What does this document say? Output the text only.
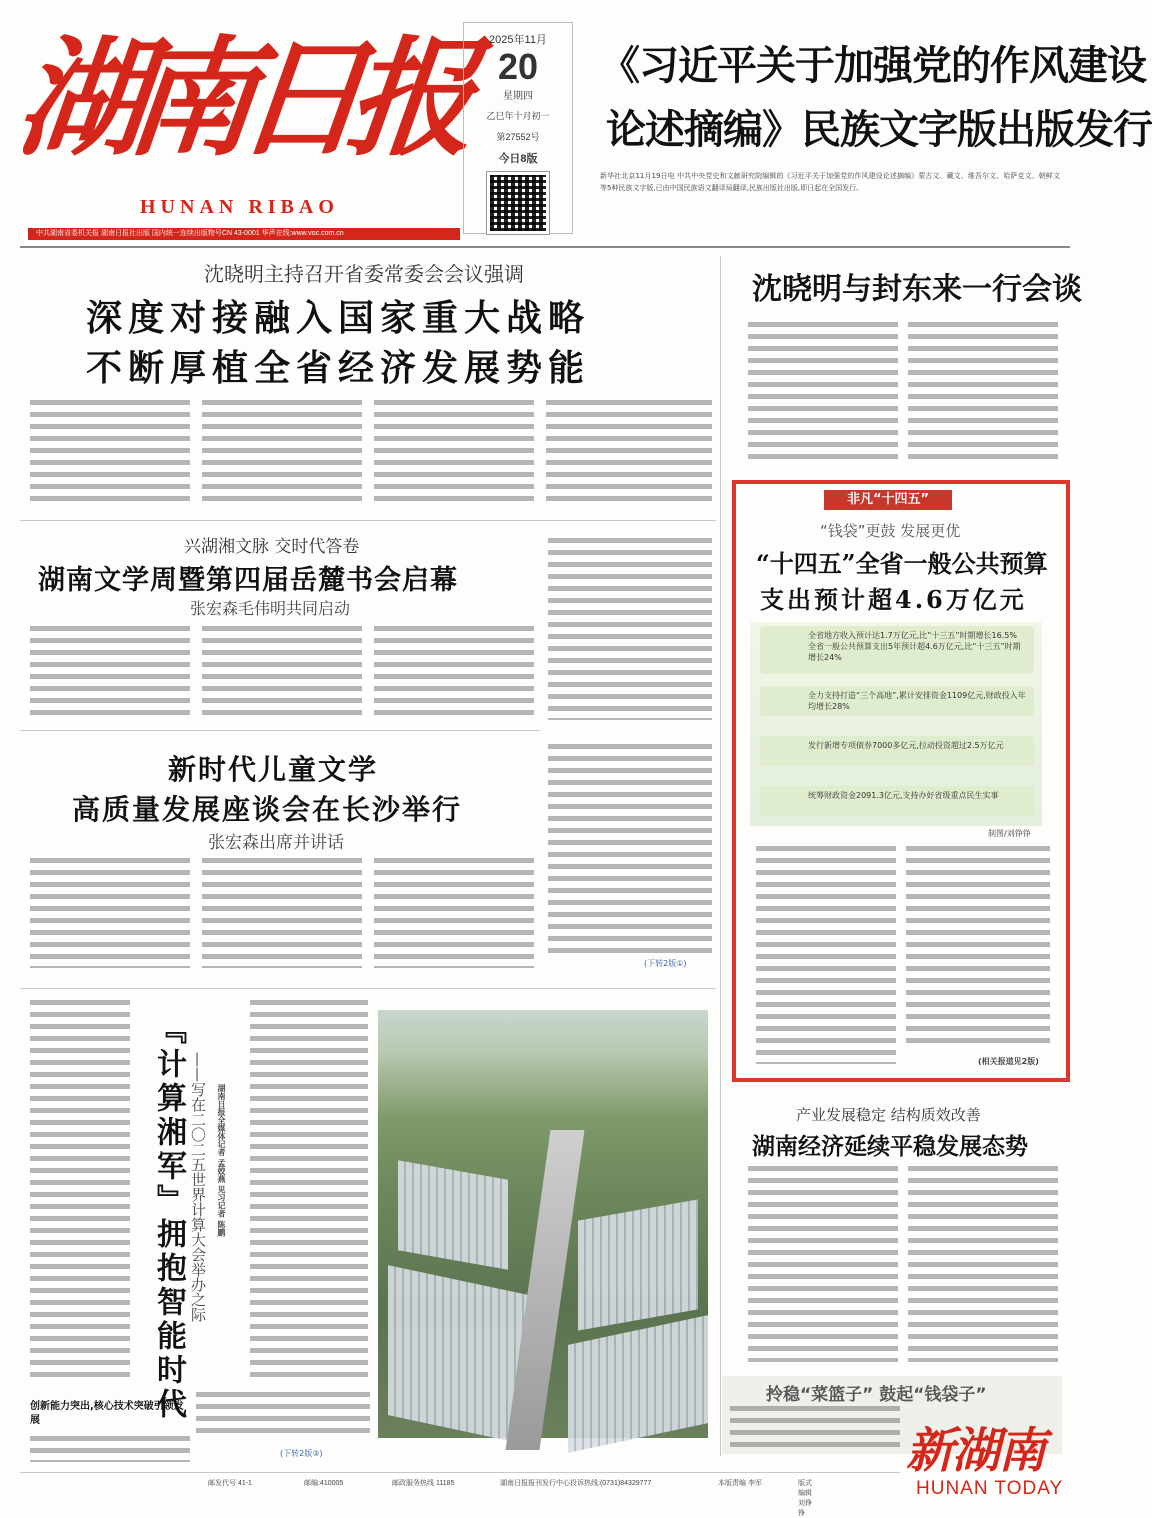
湖南日报
HUNAN RIBAO
2025年11月
20
星期四
乙巳年十月初一
第27552号
今日8版
中共湖南省委机关报 湖南日报社出版 国内统一连续出版物号CN 43-0001 华声在线:www.voc.com.cn
《习近平关于加强党的作风建设
论述摘编》民族文字版出版发行
新华社北京11月19日电 中共中央党史和文献研究院编辑的《习近平关于加强党的作风建设论述摘编》蒙古文、藏文、维吾尔文、哈萨克文、朝鲜文等5种民族文字版,已由中国民族语文翻译局翻译,民族出版社出版,即日起在全国发行。
沈晓明主持召开省委常委会会议强调
深度对接融入国家重大战略
不断厚植全省经济发展势能
沈晓明与封东来一行会谈
兴湖湘文脉 交时代答卷
湖南文学周暨第四届岳麓书会启幕
张宏森毛伟明共同启动
新时代儿童文学
高质量发展座谈会在长沙举行
张宏森出席并讲话
(下转2版①)
非凡“十四五”
“钱袋”更鼓 发展更优
“十四五”全省一般公共预算
支出预计超4.6万亿元
全省地方收入预计达1.7万亿元,比“十三五”时期增长16.5%
全省一般公共预算支出5年预计超4.6万亿元,比“十三五”时期增长24%
全力支持打造“三个高地”,累计安排资金1109亿元,财政投入年均增长28%
发行新增专项债券7000多亿元,拉动投资超过2.5万亿元
统筹财政资金2091.3亿元,支持办好省级重点民生实事
制图/刘铮铮
(相关报道见2版)
『计算湘军』拥抱智能时代 ——写在二〇二五世界计算大会举办之际 湖南日报全媒体记者 孟姣燕 见习记者 陈鹏
创新能力突出,核心技术突破引领发展
(下转2版③)
产业发展稳定 结构质效改善
湖南经济延续平稳发展态势
拎稳“菜篮子” 鼓起“钱袋子”
邮发代号 41-1	邮编:410005	邮政服务热线 11185	湖南日报报刊发行中心投诉热线:(0731)84329777	本版责编 李军	版式编辑 刘铮铮
新湖南
HUNAN TODAY
